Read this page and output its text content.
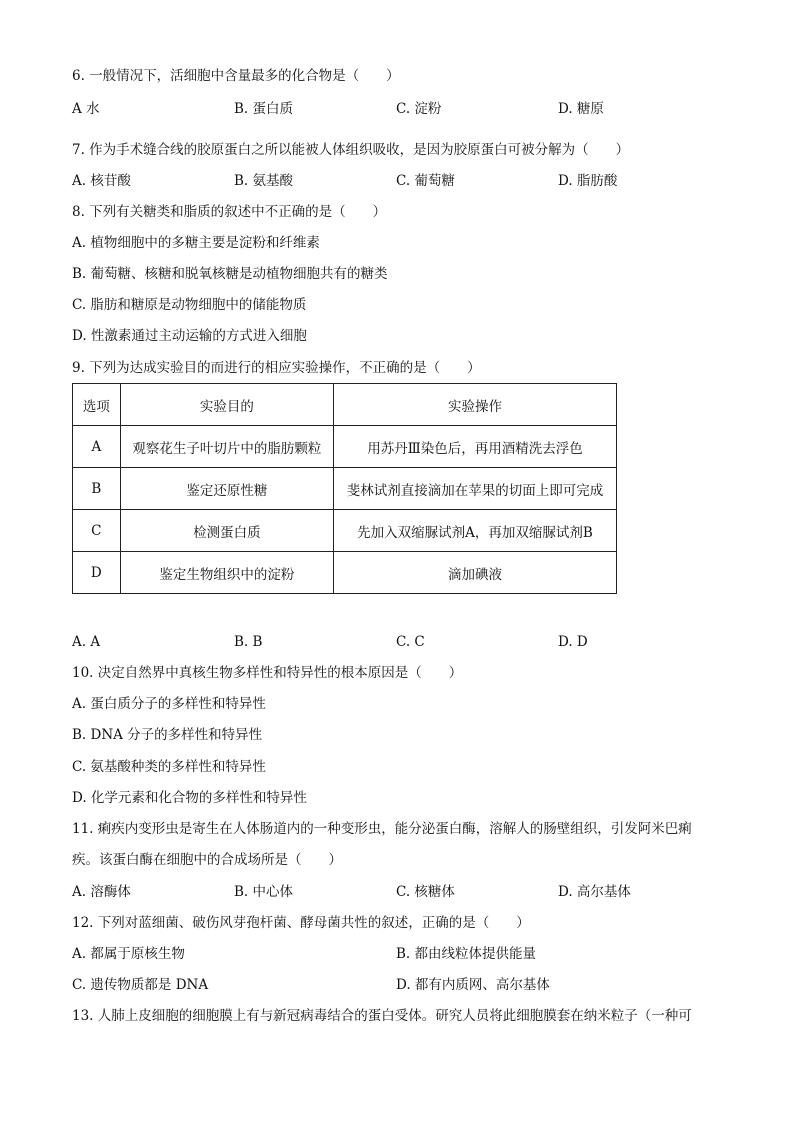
6. 一般情况下，活细胞中含量最多的化合物是（　　）
A 水	B. 蛋白质	C. 淀粉	D. 糖原
7. 作为手术缝合线的胶原蛋白之所以能被人体组织吸收，是因为胶原蛋白可被分解为（　　）
A. 核苷酸	B. 氨基酸	C. 葡萄糖	D. 脂肪酸
8. 下列有关糖类和脂质的叙述中不正确的是（　　）
A. 植物细胞中的多糖主要是淀粉和纤维素
B. 葡萄糖、核糖和脱氧核糖是动植物细胞共有的糖类
C. 脂肪和糖原是动物细胞中的储能物质
D. 性激素通过主动运输的方式进入细胞
9. 下列为达成实验目的而进行的相应实验操作，不正确的是（　　）
选项	实验目的	实验操作
A	观察花生子叶切片中的脂肪颗粒	用苏丹Ⅲ染色后，再用酒精洗去浮色
B	鉴定还原性糖	斐林试剂直接滴加在苹果的切面上即可完成
C	检测蛋白质	先加入双缩脲试剂A，再加双缩脲试剂B
D	鉴定生物组织中的淀粉	滴加碘液
A. A	B. B	C. C	D. D
10. 决定自然界中真核生物多样性和特异性的根本原因是（　　）
A. 蛋白质分子的多样性和特异性
B. DNA 分子的多样性和特异性
C. 氨基酸种类的多样性和特异性
D. 化学元素和化合物的多样性和特异性
11. 痢疾内变形虫是寄生在人体肠道内的一种变形虫，能分泌蛋白酶，溶解人的肠壁组织，引发阿米巴痢
疾。该蛋白酶在细胞中的合成场所是（　　）
A. 溶酶体	B. 中心体	C. 核糖体	D. 高尔基体
12. 下列对蓝细菌、破伤风芽孢杆菌、酵母菌共性的叙述，正确的是（　　）
A. 都属于原核生物	B. 都由线粒体提供能量
C. 遗传物质都是 DNA	D. 都有内质网、高尔基体
13. 人肺上皮细胞的细胞膜上有与新冠病毒结合的蛋白受体。研究人员将此细胞膜套在纳米粒子（一种可
